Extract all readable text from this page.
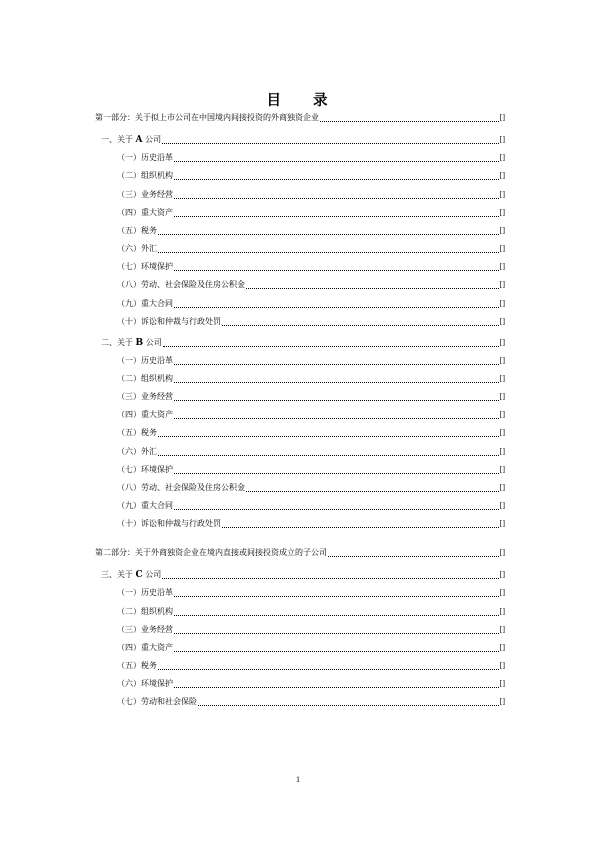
目 录
第一部分：关于拟上市公司在中国境内间接投资的外商独资企业	[]
一、关于 A 公司	[]
（一）历史沿革	[]
（二）组织机构	[]
（三）业务经营	[]
（四）重大资产	[]
（五）税务	[]
（六）外汇	[]
（七）环境保护	[]
（八）劳动、社会保险及住房公积金	[]
（九）重大合同	[]
（十）诉讼和仲裁与行政处罚	[]
二、关于 B 公司	[]
（一）历史沿革	[]
（二）组织机构	[]
（三）业务经营	[]
（四）重大资产	[]
（五）税务	[]
（六）外汇	[]
（七）环境保护	[]
（八）劳动、社会保险及住房公积金	[]
（九）重大合同	[]
（十）诉讼和仲裁与行政处罚	[]
第二部分：关于外商独资企业在境内直接或间接投资成立的子公司	[]
三、关于 C 公司	[]
（一）历史沿革	[]
（二）组织机构	[]
（三）业务经营	[]
（四）重大资产	[]
（五）税务	[]
（六）环境保护	[]
（七）劳动和社会保险	[]
1
